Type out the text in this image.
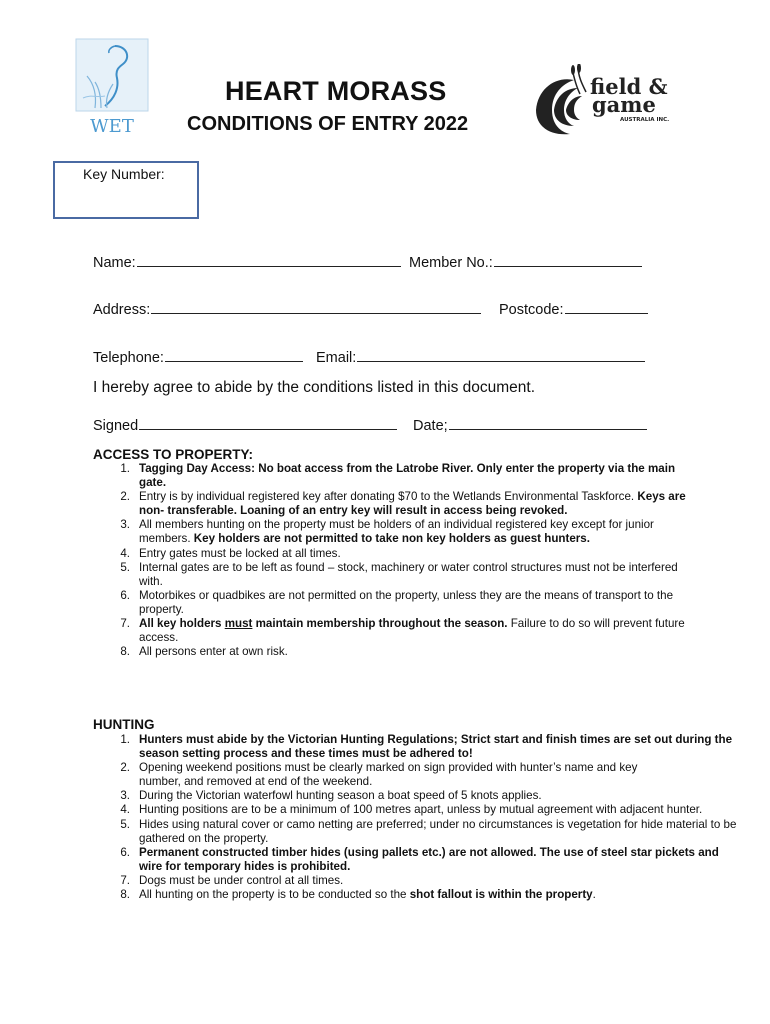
WET
field &
game
AUSTRALIA INC.
HEART MORASS
CONDITIONS OF ENTRY 2022
Key Number:
Name:	Member No.:
Address:	Postcode:
Telephone:	Email:
I hereby agree to abide by the conditions listed in this document.
Signed	Date;
ACCESS TO PROPERTY:
1. Tagging Day Access: No boat access from the Latrobe River. Only enter the property via the main gate.
2. Entry is by individual registered key after donating $70 to the Wetlands Environmental Taskforce. Keys are non- transferable. Loaning of an entry key will result in access being revoked.
3. All members hunting on the property must be holders of an individual registered key except for junior members. Key holders are not permitted to take non key holders as guest hunters.
4. Entry gates must be locked at all times.
5. Internal gates are to be left as found – stock, machinery or water control structures must not be interfered with.
6. Motorbikes or quadbikes are not permitted on the property, unless they are the means of transport to the property.
7. All key holders must maintain membership throughout the season. Failure to do so will prevent future access.
8. All persons enter at own risk.
HUNTING
1. Hunters must abide by the Victorian Hunting Regulations; Strict start and finish times are set out during the season setting process and these times must be adhered to!
2. Opening weekend positions must be clearly marked on sign provided with hunter’s name and key number, and removed at end of the weekend.
3. During the Victorian waterfowl hunting season a boat speed of 5 knots applies.
4. Hunting positions are to be a minimum of 100 metres apart, unless by mutual agreement with adjacent hunter.
5. Hides using natural cover or camo netting are preferred; under no circumstances is vegetation for hide material to be gathered on the property.
6. Permanent constructed timber hides (using pallets etc.) are not allowed. The use of steel star pickets and wire for temporary hides is prohibited.
7. Dogs must be under control at all times.
8. All hunting on the property is to be conducted so the shot fallout is within the property.
